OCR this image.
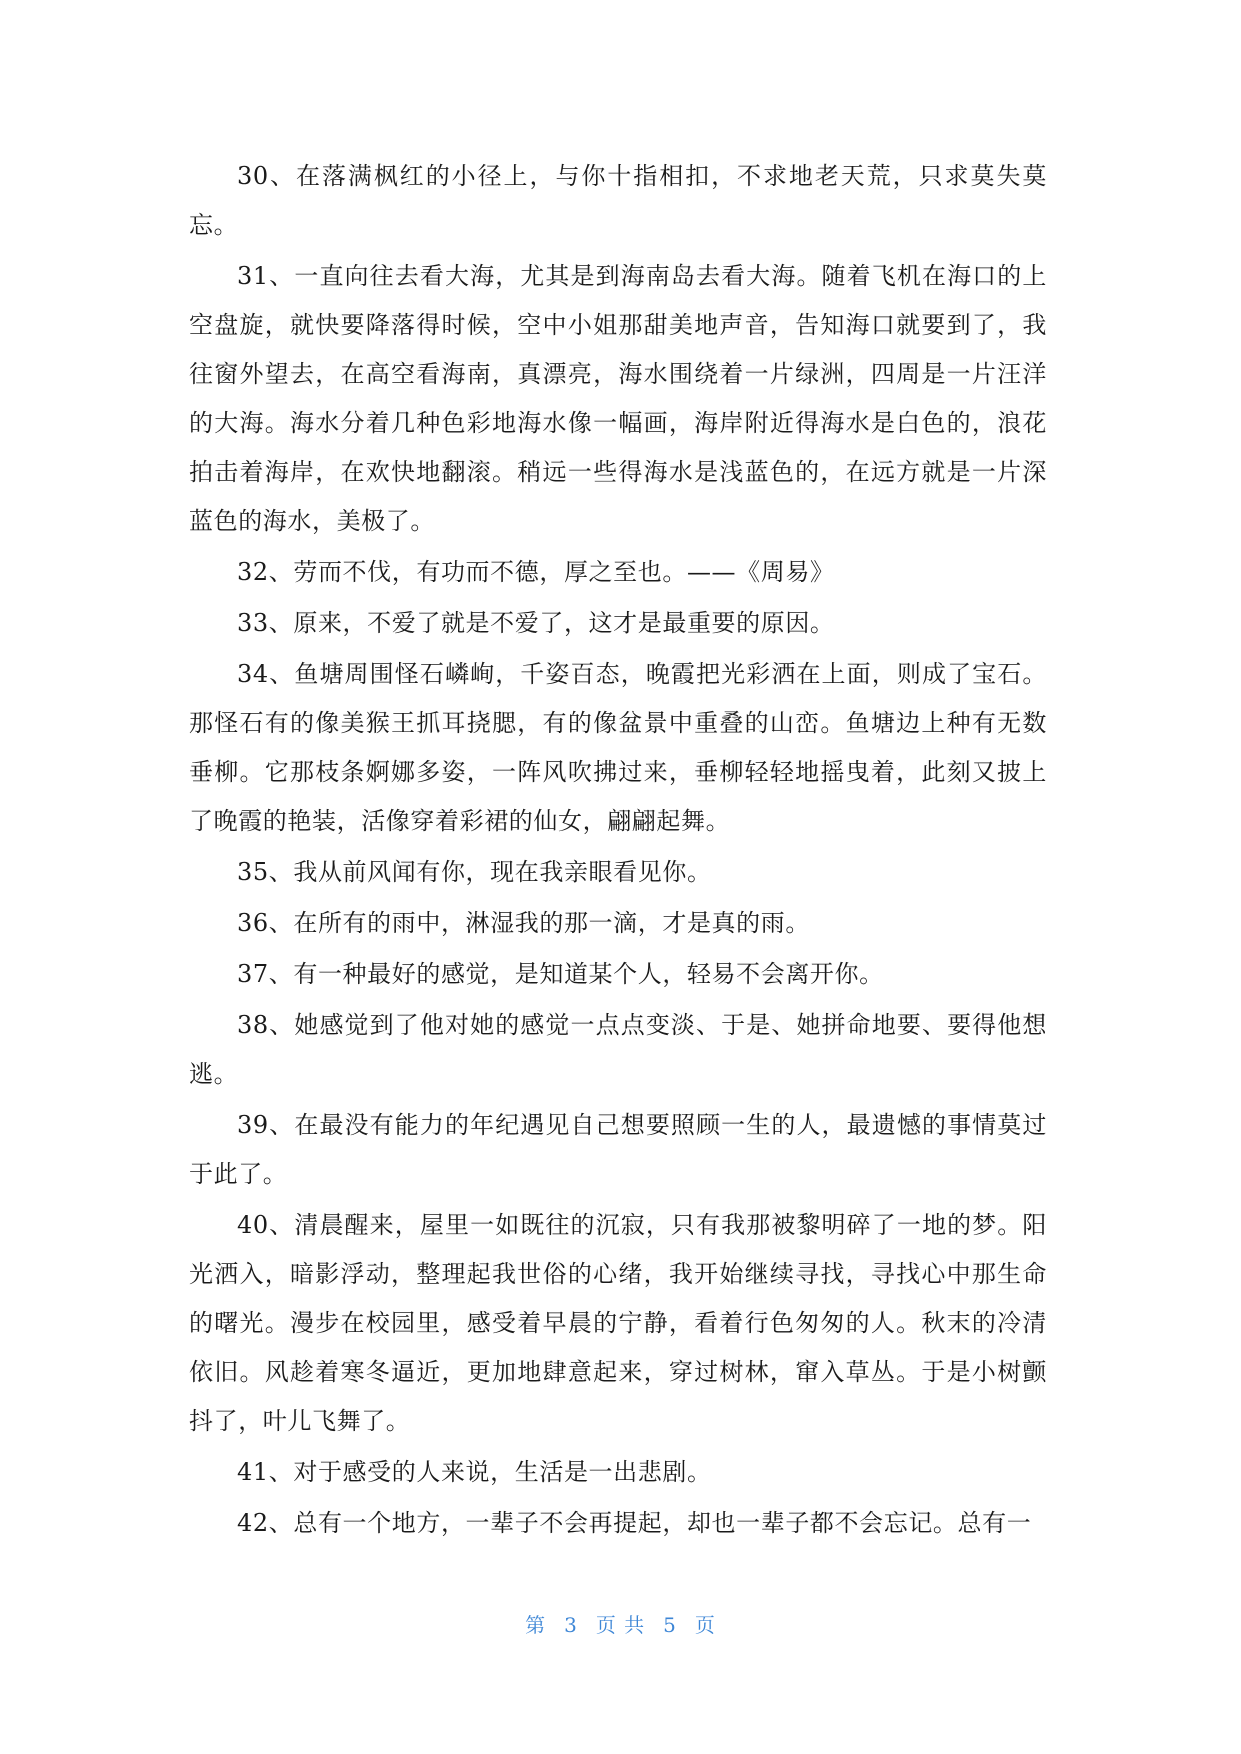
30、在落满枫红的小径上，与你十指相扣，不求地老天荒，只求莫失莫忘。

31、一直向往去看大海，尤其是到海南岛去看大海。随着飞机在海口的上空盘旋，就快要降落得时候，空中小姐那甜美地声音，告知海口就要到了，我往窗外望去，在高空看海南，真漂亮，海水围绕着一片绿洲，四周是一片汪洋的大海。海水分着几种色彩地海水像一幅画，海岸附近得海水是白色的，浪花拍击着海岸，在欢快地翻滚。稍远一些得海水是浅蓝色的，在远方就是一片深蓝色的海水，美极了。

32、劳而不伐，有功而不德，厚之至也。——《周易》

33、原来，不爱了就是不爱了，这才是最重要的原因。

34、鱼塘周围怪石嶙峋，千姿百态，晚霞把光彩洒在上面，则成了宝石。那怪石有的像美猴王抓耳挠腮，有的像盆景中重叠的山峦。鱼塘边上种有无数垂柳。它那枝条婀娜多姿，一阵风吹拂过来，垂柳轻轻地摇曳着，此刻又披上了晚霞的艳装，活像穿着彩裙的仙女，翩翩起舞。

35、我从前风闻有你，现在我亲眼看见你。

36、在所有的雨中，淋湿我的那一滴，才是真的雨。

37、有一种最好的感觉，是知道某个人，轻易不会离开你。

38、她感觉到了他对她的感觉一点点变淡、于是、她拼命地要、要得他想逃。

39、在最没有能力的年纪遇见自己想要照顾一生的人，最遗憾的事情莫过于此了。

40、清晨醒来，屋里一如既往的沉寂，只有我那被黎明碎了一地的梦。阳光洒入，暗影浮动，整理起我世俗的心绪，我开始继续寻找，寻找心中那生命的曙光。漫步在校园里，感受着早晨的宁静，看着行色匆匆的人。秋末的冷清依旧。风趁着寒冬逼近，更加地肆意起来，穿过树林，窜入草丛。于是小树颤抖了，叶儿飞舞了。

41、对于感受的人来说，生活是一出悲剧。

42、总有一个地方，一辈子不会再提起，却也一辈子都不会忘记。总有一

第 3 页 共 5 页
